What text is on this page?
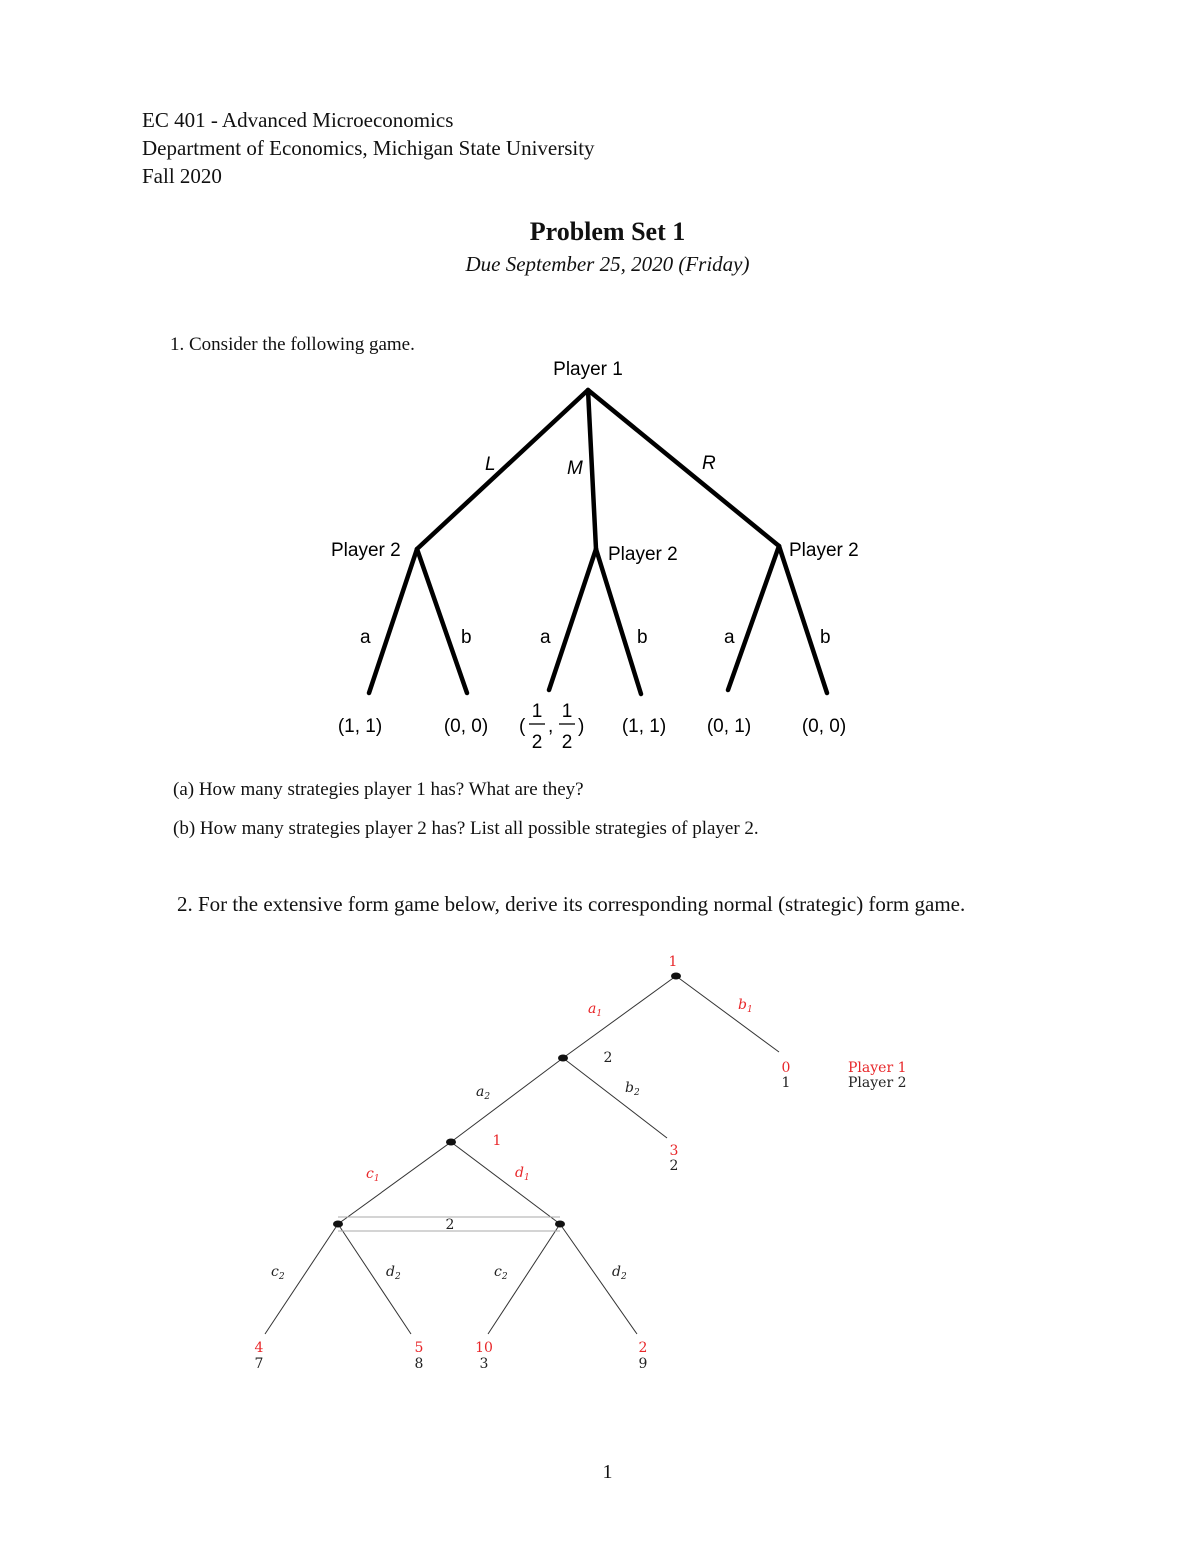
EC 401 - Advanced Microeconomics
Department of Economics, Michigan State University
Fall 2020
Problem Set 1
Due September 25, 2020 (Friday)
1. Consider the following game.
Player 1
L	M	R
Player 2	Player 2	Player 2
a	b	a	b	a	b
(1, 1)	(0, 0)	(1, 1) (0, 1)	(0, 0)
(
1
2
,
1
2
)
(a) How many strategies player 1 has? What are they?
(b) How many strategies player 2 has? List all possible strategies of player 2.
2. For the extensive form game below, derive its corresponding normal (strategic) form game.
1
2
1
2
$a_1$
$b_1$
$a_2$
$b_2$
$c_1$	$d_1$
$c_2$	$d_2$	$c_2$	$d_2$
0
1
3
2
4
7
5
8
10
3
2
9
Player 1
Player 2
1
